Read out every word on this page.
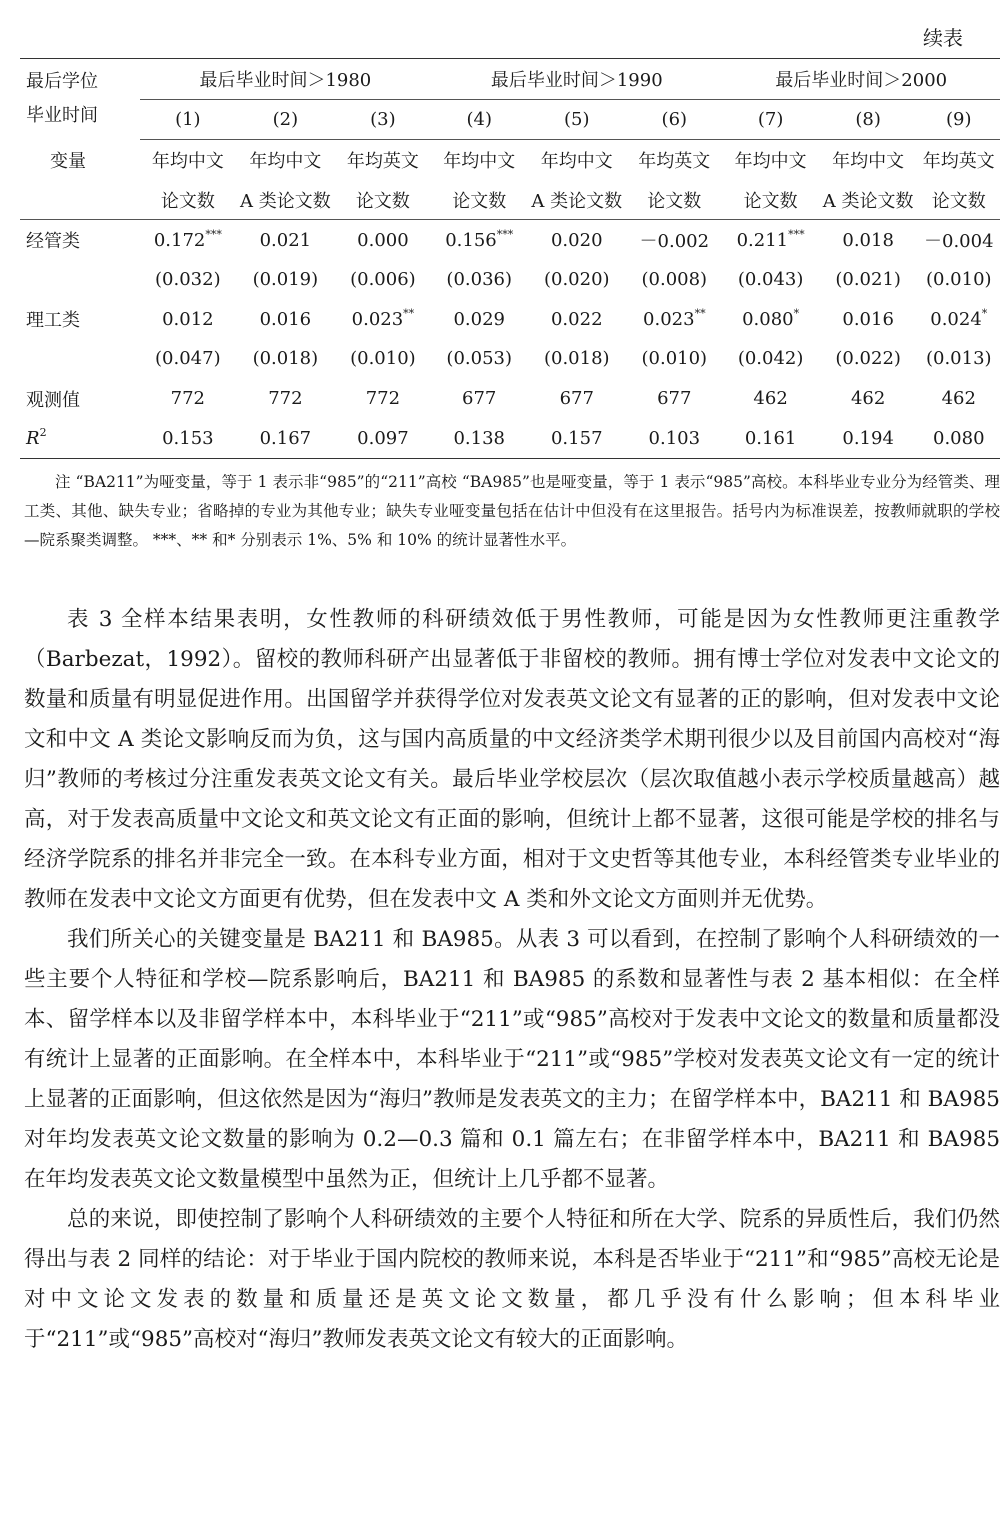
续表
最后学位
毕业时间	最后毕业时间＞1980			最后毕业时间＞1990			最后毕业时间＞2000		
	(1)	(2)	(3)	(4)	(5)	(6)	(7)	(8)	(9)
变量	年均中文	年均中文	年均英文	年均中文	年均中文	年均英文	年均中文	年均中文	年均英文
	论文数	A 类论文数	论文数	论文数	A 类论文数	论文数	论文数	A 类论文数	论文数
经管类	0.172***	0.021	0.000	0.156***	0.020	－0.002	0.211***	0.018	－0.004
	(0.032)	(0.019)	(0.006)	(0.036)	(0.020)	(0.008)	(0.043)	(0.021)	(0.010)
理工类	0.012	0.016	0.023**	0.029	0.022	0.023**	0.080*	0.016	0.024*
	(0.047)	(0.018)	(0.010)	(0.053)	(0.018)	(0.010)	(0.042)	(0.022)	(0.013)
观测值	772	772	772	677	677	677	462	462	462
$R^2$	0.153	0.167	0.097	0.138	0.157	0.103	0.161	0.194	0.080

注 “BA211”为哑变量，等于 1 表示非“985”的“211”高校 “BA985”也是哑变量，等于 1 表示“985”高校。本科毕业专业分为经管类、理工类、其他、缺失专业；省略掉的专业为其他专业；缺失专业哑变量包括在估计中但没有在这里报告。括号内为标准误差，按教师就职的学校—院系聚类调整。 ***、** 和* 分别表示 1%、5% 和 10% 的统计显著性水平。

表 3 全样本结果表明，女性教师的科研绩效低于男性教师，可能是因为女性教师更注重教学（Barbezat，1992）。留校的教师科研产出显著低于非留校的教师。拥有博士学位对发表中文论文的数量和质量有明显促进作用。出国留学并获得学位对发表英文论文有显著的正的影响，但对发表中文论文和中文 A 类论文影响反而为负，这与国内高质量的中文经济类学术期刊很少以及目前国内高校对“海归”教师的考核过分注重发表英文论文有关。最后毕业学校层次（层次取值越小表示学校质量越高）越高，对于发表高质量中文论文和英文论文有正面的影响，但统计上都不显著，这很可能是学校的排名与经济学院系的排名并非完全一致。在本科专业方面，相对于文史哲等其他专业，本科经管类专业毕业的教师在发表中文论文方面更有优势，但在发表中文 A 类和外文论文方面则并无优势。

我们所关心的关键变量是 BA211 和 BA985。从表 3 可以看到，在控制了影响个人科研绩效的一些主要个人特征和学校—院系影响后，BA211 和 BA985 的系数和显著性与表 2 基本相似：在全样本、留学样本以及非留学样本中，本科毕业于“211”或“985”高校对于发表中文论文的数量和质量都没有统计上显著的正面影响。在全样本中，本科毕业于“211”或“985”学校对发表英文论文有一定的统计上显著的正面影响，但这依然是因为“海归”教师是发表英文的主力；在留学样本中，BA211 和 BA985 对年均发表英文论文数量的影响为 0.2—0.3 篇和 0.1 篇左右；在非留学样本中，BA211 和 BA985 在年均发表英文论文数量模型中虽然为正，但统计上几乎都不显著。

总的来说，即使控制了影响个人科研绩效的主要个人特征和所在大学、院系的异质性后，我们仍然得出与表 2 同样的结论：对于毕业于国内院校的教师来说，本科是否毕业于“211”和“985”高校无论是对中文论文发表的数量和质量还是英文论文数量，都几乎没有什么影响；但本科毕业于“211”或“985”高校对“海归”教师发表英文论文有较大的正面影响。
